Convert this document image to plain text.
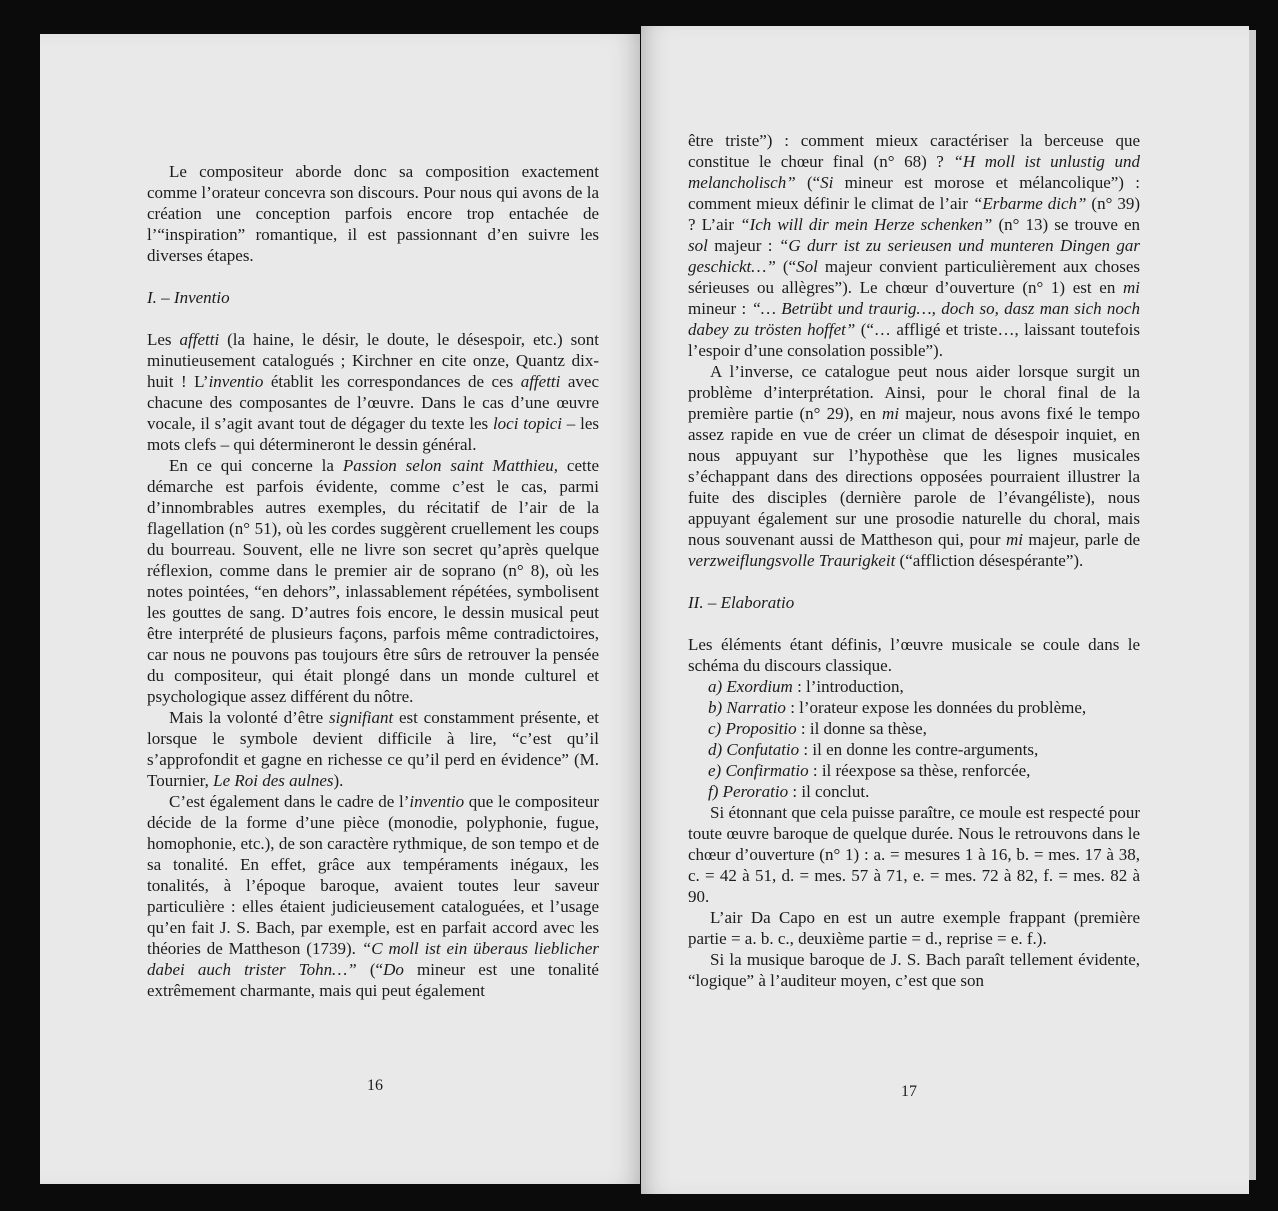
Le compositeur aborde donc sa composition exactement comme l’orateur concevra son discours. Pour nous qui avons de la création une conception parfois encore trop entachée de l’“inspiration” romantique, il est passionnant d’en suivre les diverses étapes.

I. – Inventio

Les affetti (la haine, le désir, le doute, le désespoir, etc.) sont minutieusement catalogués ; Kirchner en cite onze, Quantz dix-huit ! L’inventio établit les correspondances de ces affetti avec chacune des composantes de l’œuvre. Dans le cas d’une œuvre vocale, il s’agit avant tout de dégager du texte les loci topici – les mots clefs – qui détermineront le dessin général.

En ce qui concerne la Passion selon saint Matthieu, cette démarche est parfois évidente, comme c’est le cas, parmi d’innombrables autres exemples, du récitatif de l’air de la flagellation (n° 51), où les cordes suggèrent cruellement les coups du bourreau. Souvent, elle ne livre son secret qu’après quelque réflexion, comme dans le premier air de soprano (n° 8), où les notes pointées, “en dehors”, inlassablement répétées, symbolisent les gouttes de sang. D’autres fois encore, le dessin musical peut être interprété de plusieurs façons, parfois même contradictoires, car nous ne pouvons pas toujours être sûrs de retrouver la pensée du compositeur, qui était plongé dans un monde culturel et psychologique assez différent du nôtre.

Mais la volonté d’être signifiant est constamment présente, et lorsque le symbole devient difficile à lire, “c’est qu’il s’approfondit et gagne en richesse ce qu’il perd en évidence” (M. Tournier, Le Roi des aulnes).

C’est également dans le cadre de l’inventio que le compositeur décide de la forme d’une pièce (monodie, polyphonie, fugue, homophonie, etc.), de son caractère rythmique, de son tempo et de sa tonalité. En effet, grâce aux tempéraments inégaux, les tonalités, à l’époque baroque, avaient toutes leur saveur particulière : elles étaient judicieusement cataloguées, et l’usage qu’en fait J. S. Bach, par exemple, est en parfait accord avec les théories de Mattheson (1739). “C moll ist ein überaus lieblicher dabei auch trister Tohn…” (“Do mineur est une tonalité extrêmement charmante, mais qui peut également

16

être triste”) : comment mieux caractériser la berceuse que constitue le chœur final (n° 68) ? “H moll ist unlustig und melancholisch” (“Si mineur est morose et mélancolique”) : comment mieux définir le climat de l’air “Erbarme dich” (n° 39) ? L’air “Ich will dir mein Herze schenken” (n° 13) se trouve en sol majeur : “G durr ist zu serieusen und munteren Dingen gar geschickt…” (“Sol majeur convient particulièrement aux choses sérieuses ou allègres”). Le chœur d’ouverture (n° 1) est en mi mineur : “… Betrübt und traurig…, doch so, dasz man sich noch dabey zu trösten hoffet” (“… affligé et triste…, laissant toutefois l’espoir d’une consolation possible”).

A l’inverse, ce catalogue peut nous aider lorsque surgit un problème d’interprétation. Ainsi, pour le choral final de la première partie (n° 29), en mi majeur, nous avons fixé le tempo assez rapide en vue de créer un climat de désespoir inquiet, en nous appuyant sur l’hypothèse que les lignes musicales s’échappant dans des directions opposées pourraient illustrer la fuite des disciples (dernière parole de l’évangéliste), nous appuyant également sur une prosodie naturelle du choral, mais nous souvenant aussi de Mattheson qui, pour mi majeur, parle de verzweiflungsvolle Traurigkeit (“affliction désespérante”).

II. – Elaboratio

Les éléments étant définis, l’œuvre musicale se coule dans le schéma du discours classique.

a) Exordium : l’introduction,

b) Narratio : l’orateur expose les données du problème,

c) Propositio : il donne sa thèse,

d) Confutatio : il en donne les contre-arguments,

e) Confirmatio : il réexpose sa thèse, renforcée,

f) Peroratio : il conclut.

Si étonnant que cela puisse paraître, ce moule est respecté pour toute œuvre baroque de quelque durée. Nous le retrouvons dans le chœur d’ouverture (n° 1) : a. = mesures 1 à 16, b. = mes. 17 à 38, c. = 42 à 51, d. = mes. 57 à 71, e. = mes. 72 à 82, f. = mes. 82 à 90.

L’air Da Capo en est un autre exemple frappant (première partie = a. b. c., deuxième partie = d., reprise = e. f.).

Si la musique baroque de J. S. Bach paraît tellement évidente, “logique” à l’auditeur moyen, c’est que son

17
